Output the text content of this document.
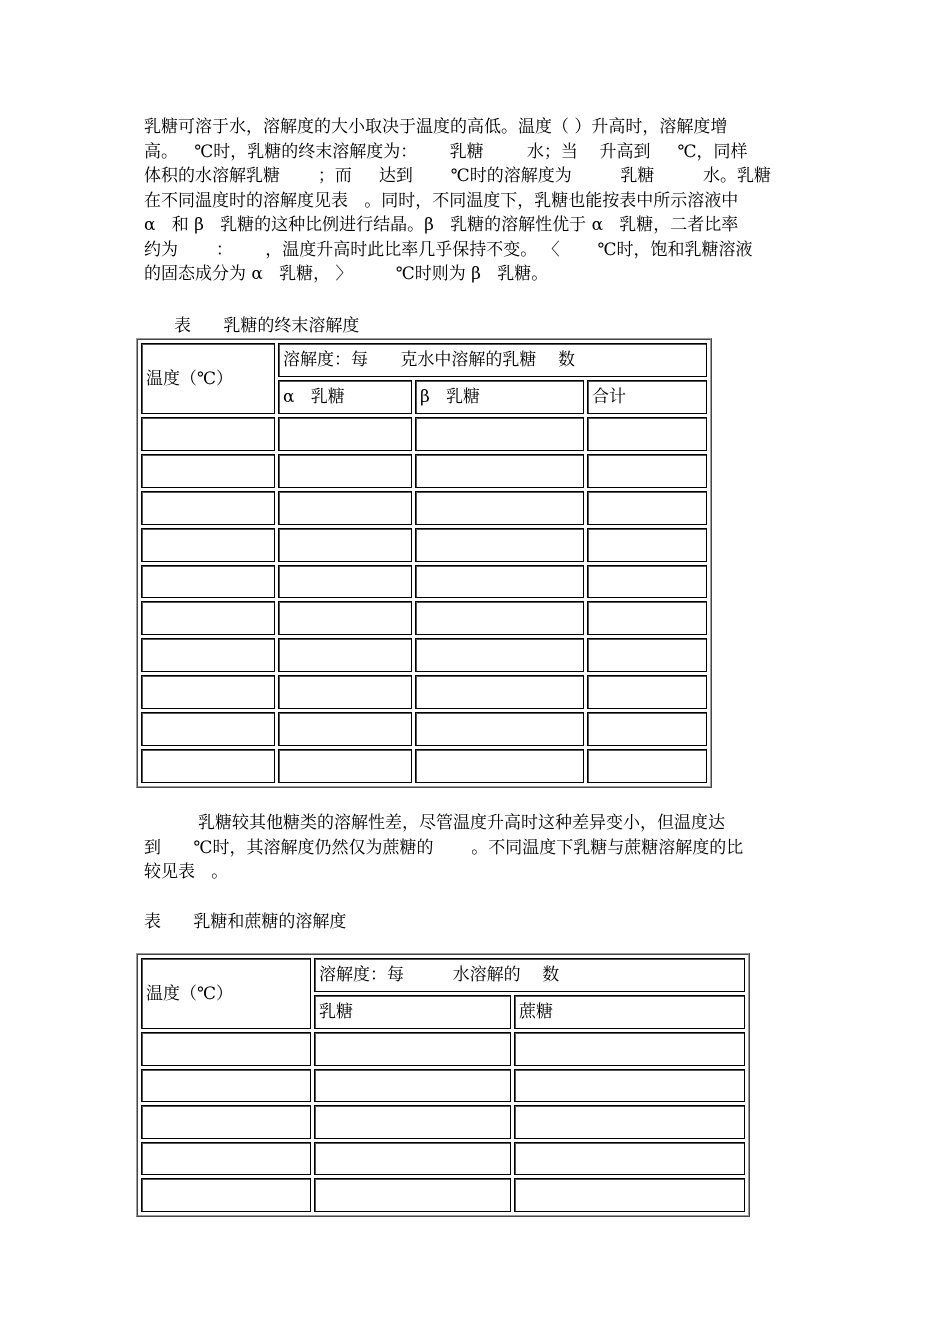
乳糖可溶于水，溶解度的大小取决于温度的高低。温度（ ）升高时，溶解度增
高。   ℃时，乳糖的终末溶解度为：      乳糖        水；当    升高到     ℃，同样
体积的水溶解乳糖       ；而     达到       ℃时的溶解度为         乳糖         水。乳糖
在不同温度时的溶解度见表   。同时，不同温度下，乳糖也能按表中所示溶液中
α   和 β   乳糖的这种比例进行结晶。β   乳糖的溶解性优于 α   乳糖，二者比率
约为       ：      ，温度升高时此比率几乎保持不变。 〈       ℃时，饱和乳糖溶液
的固态成分为 α   乳糖， 〉        ℃时则为 β   乳糖。
表      乳糖的终末溶解度
温度（℃）	溶解度：每      克水中溶解的乳糖    数		
	α   乳糖	β   乳糖	合计

乳糖较其他糖类的溶解性差，尽管温度升高时这种差异变小，但温度达
到      ℃时，其溶解度仍然仅为蔗糖的       。不同温度下乳糖与蔗糖溶解度的比
较见表   。
表      乳糖和蔗糖的溶解度
温度（℃）	溶解度：每         水溶解的    数	
	乳糖	蔗糖
